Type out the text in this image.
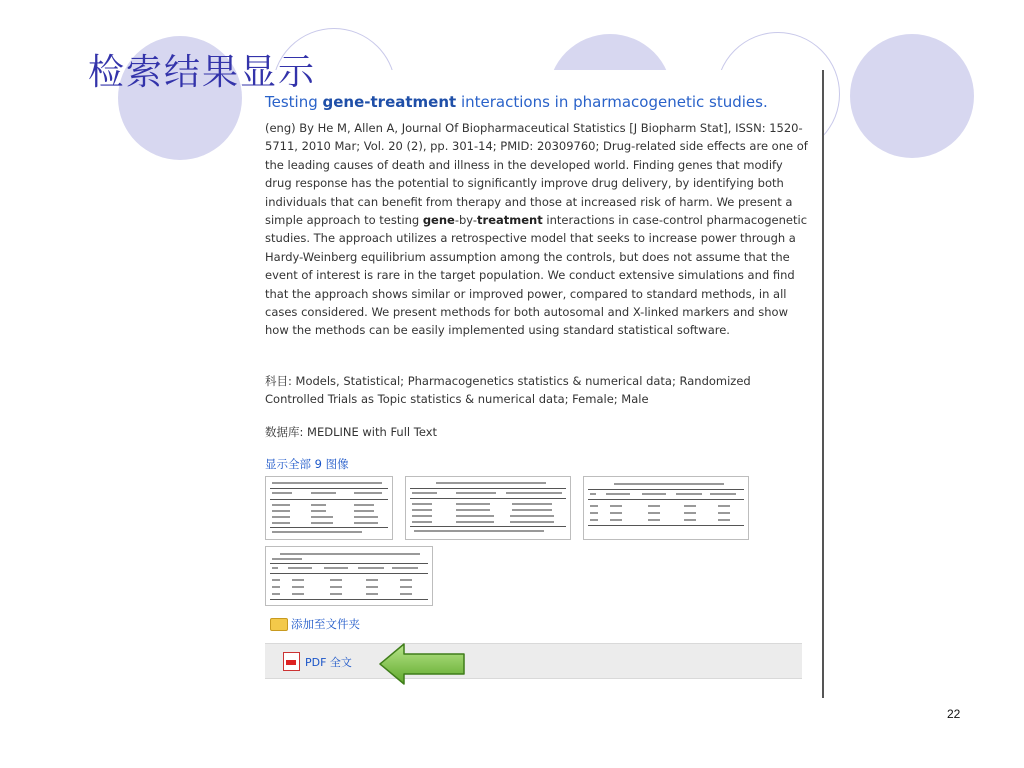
检索结果显示
Testing gene-treatment interactions in pharmacogenetic studies.
(eng) By He M, Allen A, Journal Of Biopharmaceutical Statistics [J Biopharm Stat], ISSN: 1520-5711, 2010 Mar; Vol. 20 (2), pp. 301-14; PMID: 20309760; Drug-related side effects are one of the leading causes of death and illness in the developed world. Finding genes that modify drug response has the potential to significantly improve drug delivery, by identifying both individuals that can benefit from therapy and those at increased risk of harm. We present a simple approach to testing gene-by-treatment interactions in case-control pharmacogenetic studies. The approach utilizes a retrospective model that seeks to increase power through a Hardy-Weinberg equilibrium assumption among the controls, but does not assume that the event of interest is rare in the target population. We conduct extensive simulations and find that the approach shows similar or improved power, compared to standard methods, in all cases considered. We present methods for both autosomal and X-linked markers and show how the methods can be easily implemented using standard statistical software.
科目: Models, Statistical; Pharmacogenetics statistics & numerical data; Randomized Controlled Trials as Topic statistics & numerical data; Female; Male
数据库: MEDLINE with Full Text
显示全部 9 图像
添加至文件夹
PDF 全文
22
